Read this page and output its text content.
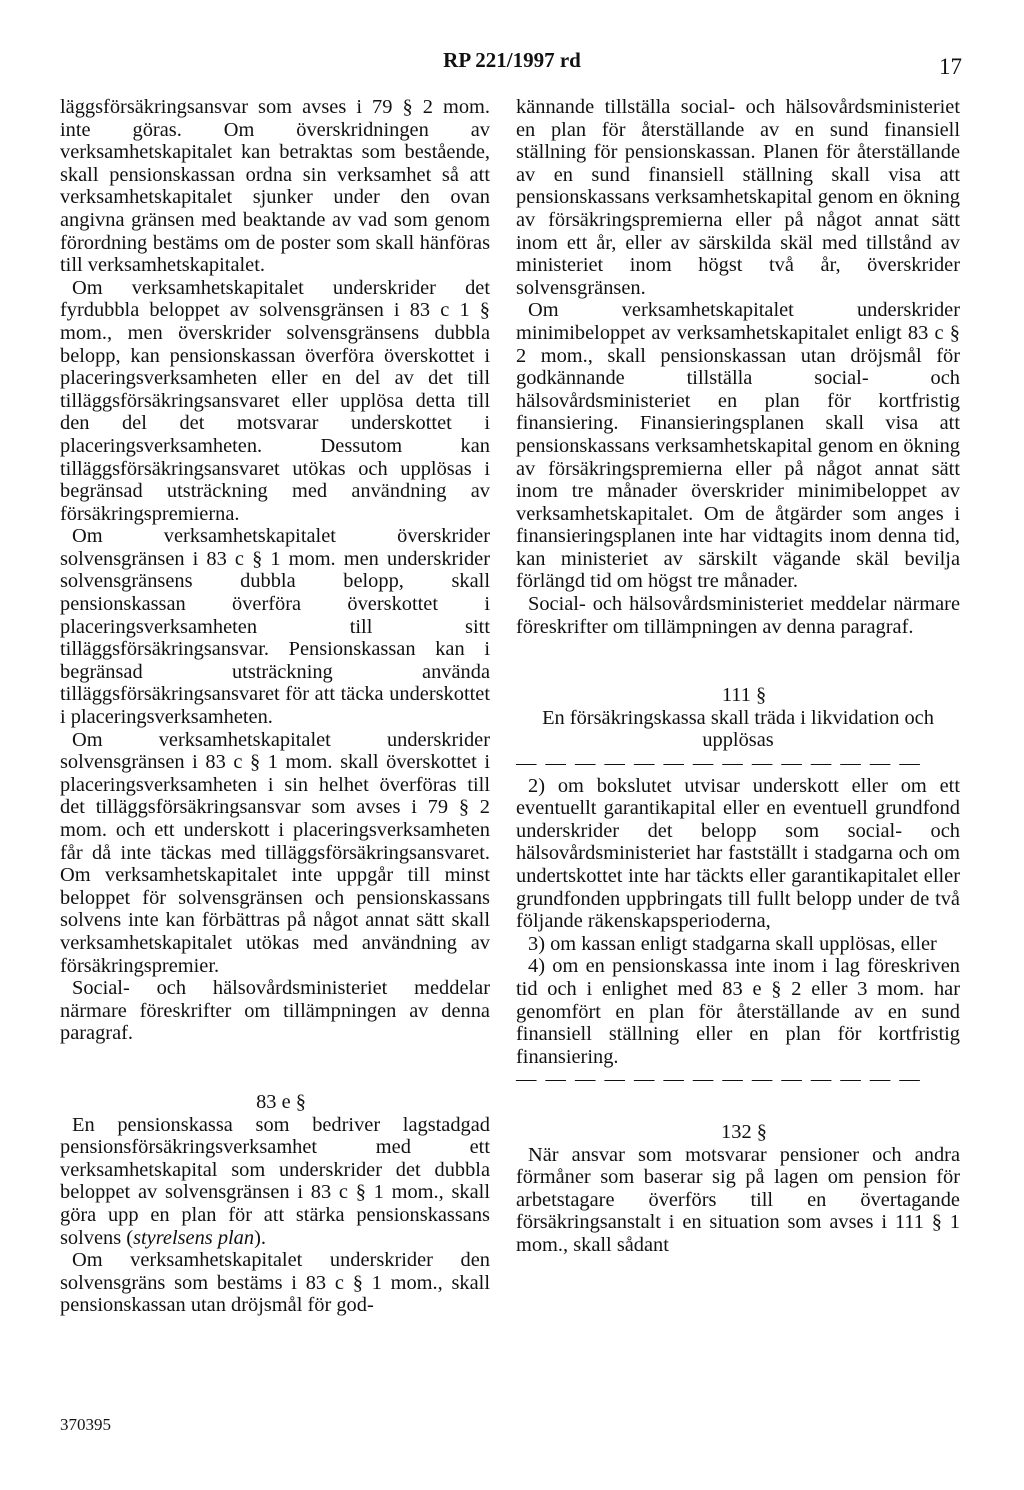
RP 221/1997 rd	17

läggsförsäkringsansvar som avses i 79 § 2 mom. inte göras. Om överskridningen av verksamhetskapitalet kan betraktas som bestående, skall pensionskassan ordna sin verksamhet så att verksamhetskapitalet sjunker under den ovan angivna gränsen med beaktande av vad som genom förordning bestäms om de poster som skall hänföras till verksamhetskapitalet.

Om verksamhetskapitalet underskrider det fyrdubbla beloppet av solvensgränsen i 83 c 1 § mom., men överskrider solvensgränsens dubbla belopp, kan pensionskassan överföra överskottet i placeringsverksamheten eller en del av det till tilläggsförsäkringsansvaret eller upplösa detta till den del det motsvarar underskottet i placeringsverksamheten. Dessutom kan tilläggsförsäkringsansvaret utökas och upplösas i begränsad utsträckning med användning av försäkringspremierna.

Om verksamhetskapitalet överskrider solvensgränsen i 83 c § 1 mom. men underskrider solvensgränsens dubbla belopp, skall pensionskassan överföra överskottet i placeringsverksamheten till sitt tilläggsförsäkringsansvar. Pensionskassan kan i begränsad utsträckning använda tilläggsförsäkringsansvaret för att täcka underskottet i placeringsverksamheten.

Om verksamhetskapitalet underskrider solvensgränsen i 83 c § 1 mom. skall överskottet i placeringsverksamheten i sin helhet överföras till det tilläggsförsäkringsansvar som avses i 79 § 2 mom. och ett underskott i placeringsverksamheten får då inte täckas med tilläggsförsäkringsansvaret. Om verksamhetskapitalet inte uppgår till minst beloppet för solvensgränsen och pensionskassans solvens inte kan förbättras på något annat sätt skall verksamhetskapitalet utökas med användning av försäkringspremier.

Social- och hälsovårdsministeriet meddelar närmare föreskrifter om tillämpningen av denna paragraf.

83 e §

En pensionskassa som bedriver lagstadgad pensionsförsäkringsverksamhet med ett verksamhetskapital som underskrider det dubbla beloppet av solvensgränsen i 83 c § 1 mom., skall göra upp en plan för att stärka pensionskassans solvens (styrelsens plan).

Om verksamhetskapitalet underskrider den solvensgräns som bestäms i 83 c § 1 mom., skall pensionskassan utan dröjsmål för god-

kännande tillställa social- och hälsovårdsministeriet en plan för återställande av en sund finansiell ställning för pensionskassan. Planen för återställande av en sund finansiell ställning skall visa att pensionskassans verksamhetskapital genom en ökning av försäkringspremierna eller på något annat sätt inom ett år, eller av särskilda skäl med tillstånd av ministeriet inom högst två år, överskrider solvensgränsen.

Om verksamhetskapitalet underskrider minimibeloppet av verksamhetskapitalet enligt 83 c § 2 mom., skall pensionskassan utan dröjsmål för godkännande tillställa social- och hälsovårdsministeriet en plan för kortfristig finansiering. Finansieringsplanen skall visa att pensionskassans verksamhetskapital genom en ökning av försäkringspremierna eller på något annat sätt inom tre månader överskrider minimibeloppet av verksamhetskapitalet. Om de åtgärder som anges i finansieringsplanen inte har vidtagits inom denna tid, kan ministeriet av särskilt vägande skäl bevilja förlängd tid om högst tre månader.

Social- och hälsovårdsministeriet meddelar närmare föreskrifter om tillämpningen av denna paragraf.

111 §

En försäkringskassa skall träda i likvidation och upplösas

— — — — — — — — — — — — — —

2) om bokslutet utvisar underskott eller om ett eventuellt garantikapital eller en eventuell grundfond underskrider det belopp som social- och hälsovårdsministeriet har fastställt i stadgarna och om undertskottet inte har täckts eller garantikapitalet eller grundfonden uppbringats till fullt belopp under de två följande räkenskapsperioderna,

3) om kassan enligt stadgarna skall upplösas, eller

4) om en pensionskassa inte inom i lag föreskriven tid och i enlighet med 83 e § 2 eller 3 mom. har genomfört en plan för återställande av en sund finansiell ställning eller en plan för kortfristig finansiering.

— — — — — — — — — — — — — —

132 §

När ansvar som motsvarar pensioner och andra förmåner som baserar sig på lagen om pension för arbetstagare överförs till en övertagande försäkringsanstalt i en situation som avses i 111 § 1 mom., skall sådant

370395
